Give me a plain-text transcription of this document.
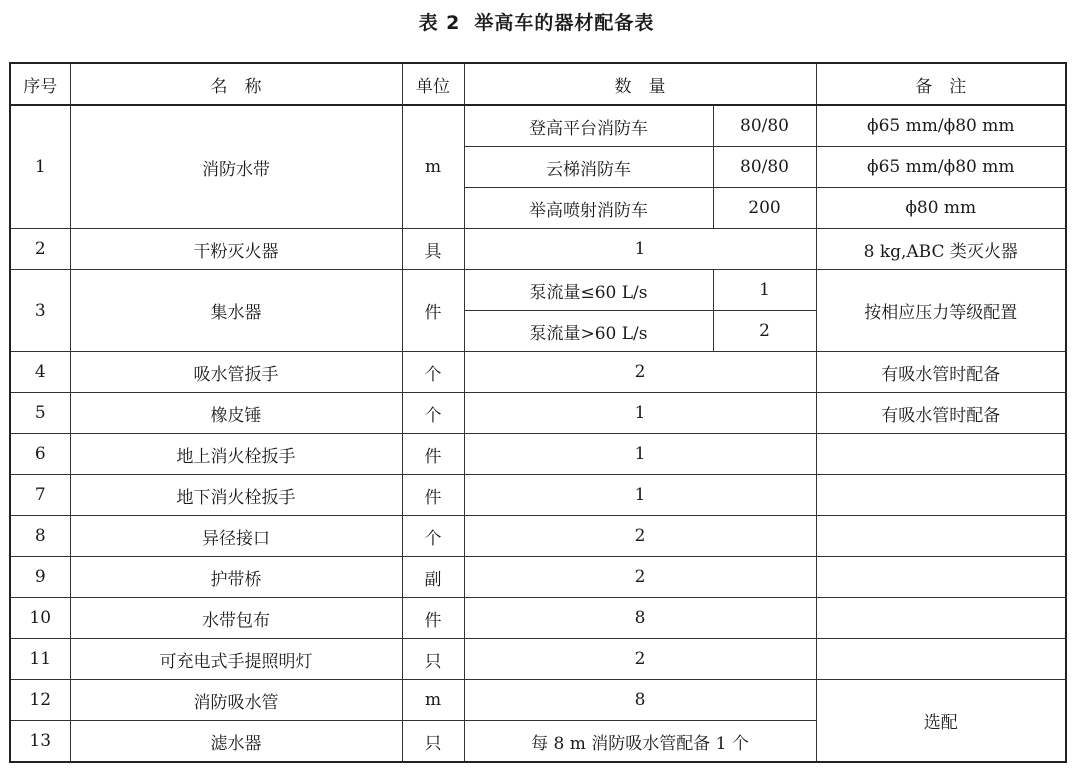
表 2 举高车的器材配备表
序号	名　称	单位	数　量		备　注
1	消防水带	m	登高平台消防车	80/80	ϕ65 mm/ϕ80 mm
			云梯消防车	80/80	ϕ65 mm/ϕ80 mm
			举高喷射消防车	200	ϕ80 mm
2	干粉灭火器	具	1		8 kg,ABC 类灭火器
3	集水器	件	泵流量≤60 L/s	1	按相应压力等级配置
			泵流量>60 L/s	2	
4	吸水管扳手	个	2		有吸水管时配备
5	橡皮锤	个	1		有吸水管时配备
6	地上消火栓扳手	件	1		
7	地下消火栓扳手	件	1		
8	异径接口	个	2		
9	护带桥	副	2		
10	水带包布	件	8		
11	可充电式手提照明灯	只	2		
12	消防吸水管	m	8		选配
13	滤水器	只	每 8 m 消防吸水管配备 1 个		
